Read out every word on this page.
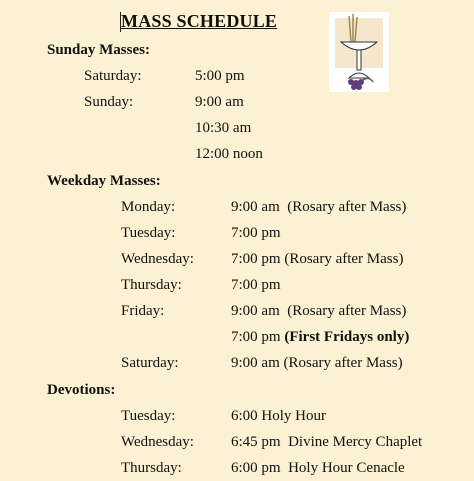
MASS SCHEDULE
Sunday Masses:
Saturday:	5:00 pm
Sunday:	9:00 am
10:30 am
12:00 noon
Weekday Masses:
Monday:	9:00 am  (Rosary after Mass)
Tuesday:	7:00 pm
Wednesday: 7:00 pm (Rosary after Mass)
Thursday:	7:00 pm
Friday:	9:00 am  (Rosary after Mass)
7:00 pm (First Fridays only)
Saturday:	9:00 am (Rosary after Mass)
Devotions:
Tuesday:	6:00 Holy Hour
Wednesday: 6:45 pm  Divine Mercy Chaplet
Thursday:	6:00 pm  Holy Hour Cenacle
